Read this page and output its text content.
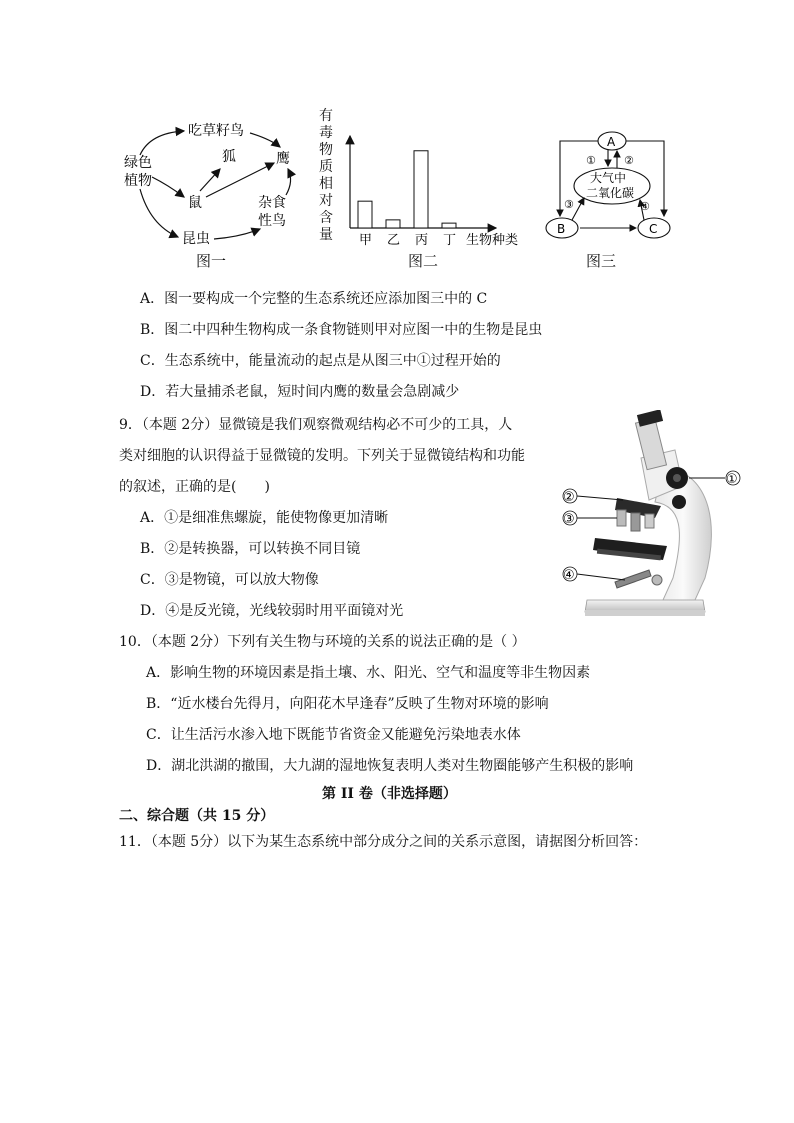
绿色
植物
吃草籽鸟
狐	鹰
鼠	杂食
性鸟
昆虫
图一
有
毒
物
质
相
对
含
量 甲 乙 丙 丁 生物种类
图二
A
大气中
二氧化碳
B	C
①	②
③	④
图三
A．图一要构成一个完整的生态系统还应添加图三中的 C
B．图二中四种生物构成一条食物链则甲对应图一中的生物是昆虫
C．生态系统中，能量流动的起点是从图三中①过程开始的
D．若大量捕杀老鼠，短时间内鹰的数量会急剧减少
9．（本题 2分）显微镜是我们观察微观结构必不可少的工具，人
类对细胞的认识得益于显微镜的发明。下列关于显微镜结构和功能
的叙述，正确的是(　　)
A．①是细准焦螺旋，能使物像更加清晰
B．②是转换器，可以转换不同目镜
C．③是物镜，可以放大物像
D．④是反光镜，光线较弱时用平面镜对光
①
②
③
④
10．（本题 2分）下列有关生物与环境的关系的说法正确的是（ ）
A．影响生物的环境因素是指土壤、水、阳光、空气和温度等非生物因素
B．“近水楼台先得月，向阳花木早逢春”反映了生物对环境的影响
C．让生活污水渗入地下既能节省资金又能避免污染地表水体
D．湖北洪湖的撤围，大九湖的湿地恢复表明人类对生物圈能够产生积极的影响
第 II 卷（非选择题）
二、综合题（共 15 分）
11．（本题 5分）以下为某生态系统中部分成分之间的关系示意图，请据图分析回答：
